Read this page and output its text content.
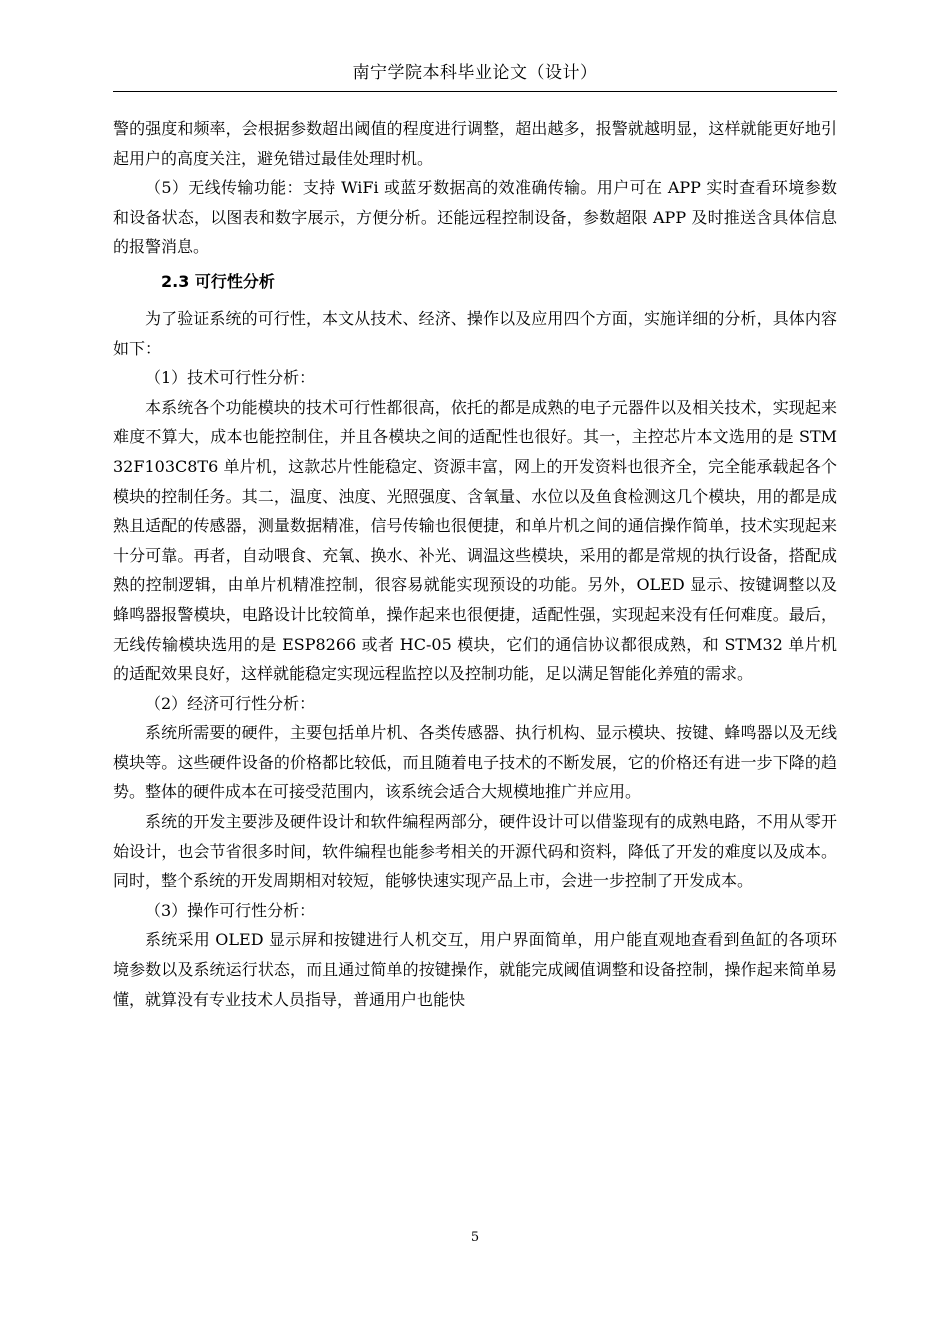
南宁学院本科毕业论文（设计）

警的强度和频率，会根据参数超出阈值的程度进行调整，超出越多，报警就越明显，这样就能更好地引起用户的高度关注，避免错过最佳处理时机。

（5）无线传输功能：支持 WiFi 或蓝牙数据高的效准确传输。用户可在 APP 实时查看环境参数和设备状态，以图表和数字展示，方便分析。还能远程控制设备，参数超限 APP 及时推送含具体信息的报警消息。

2.3 可行性分析

为了验证系统的可行性，本文从技术、经济、操作以及应用四个方面，实施详细的分析，具体内容如下：

（1）技术可行性分析：

本系统各个功能模块的技术可行性都很高，依托的都是成熟的电子元器件以及相关技术，实现起来难度不算大，成本也能控制住，并且各模块之间的适配性也很好。其一，主控芯片本文选用的是 STM32F103C8T6 单片机，这款芯片性能稳定、资源丰富，网上的开发资料也很齐全，完全能承载起各个模块的控制任务。其二，温度、浊度、光照强度、含氧量、水位以及鱼食检测这几个模块，用的都是成熟且适配的传感器，测量数据精准，信号传输也很便捷，和单片机之间的通信操作简单，技术实现起来十分可靠。再者，自动喂食、充氧、换水、补光、调温这些模块，采用的都是常规的执行设备，搭配成熟的控制逻辑，由单片机精准控制，很容易就能实现预设的功能。另外，OLED 显示、按键调整以及蜂鸣器报警模块，电路设计比较简单，操作起来也很便捷，适配性强，实现起来没有任何难度。最后，无线传输模块选用的是 ESP8266 或者 HC-05 模块，它们的通信协议都很成熟，和 STM32 单片机的适配效果良好，这样就能稳定实现远程监控以及控制功能，足以满足智能化养殖的需求。

（2）经济可行性分析：

系统所需要的硬件，主要包括单片机、各类传感器、执行机构、显示模块、按键、蜂鸣器以及无线模块等。这些硬件设备的价格都比较低，而且随着电子技术的不断发展，它的价格还有进一步下降的趋势。整体的硬件成本在可接受范围内，该系统会适合大规模地推广并应用。

系统的开发主要涉及硬件设计和软件编程两部分，硬件设计可以借鉴现有的成熟电路，不用从零开始设计，也会节省很多时间，软件编程也能参考相关的开源代码和资料，降低了开发的难度以及成本。同时，整个系统的开发周期相对较短，能够快速实现产品上市，会进一步控制了开发成本。

（3）操作可行性分析：

系统采用 OLED 显示屏和按键进行人机交互，用户界面简单，用户能直观地查看到鱼缸的各项环境参数以及系统运行状态，而且通过简单的按键操作，就能完成阈值调整和设备控制，操作起来简单易懂，就算没有专业技术人员指导，普通用户也能快

5
